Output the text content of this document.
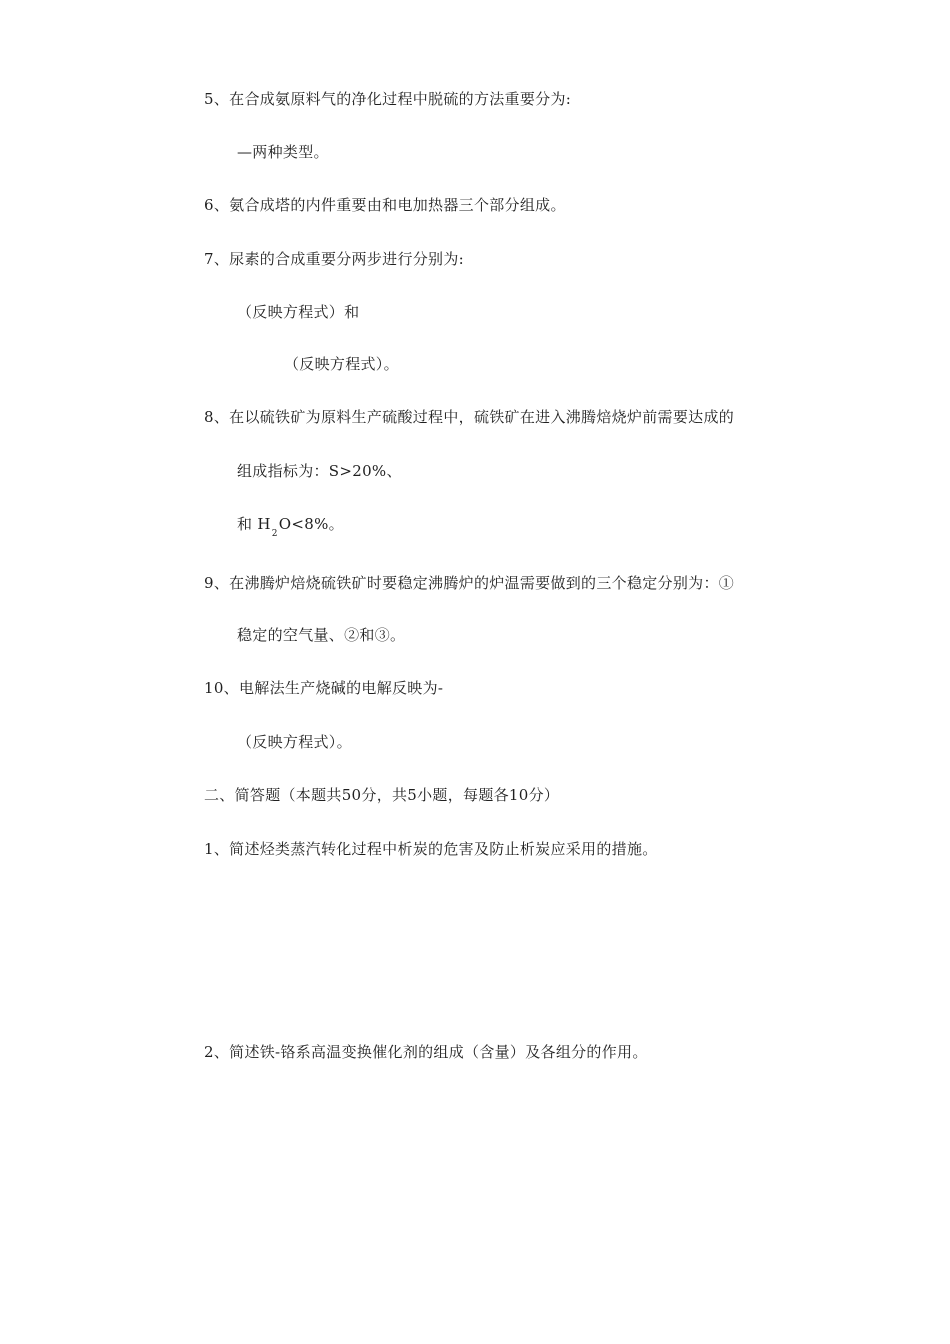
5、在合成氨原料气的净化过程中脱硫的方法重要分为:
—两种类型。
6、氨合成塔的内件重要由和电加热器三个部分组成。
7、尿素的合成重要分两步进行分别为:
（反映方程式）和
（反映方程式）。
8、在以硫铁矿为原料生产硫酸过程中，硫铁矿在进入沸腾焙烧炉前需要达成的
组成指标为：S>20%、
和 $H_2O<8\%$。
9、在沸腾炉焙烧硫铁矿时要稳定沸腾炉的炉温需要做到的三个稳定分别为：①
稳定的空气量、②和③。
10、电解法生产烧碱的电解反映为-
（反映方程式）。
二、简答题（本题共50分，共5小题，每题各10分）
1、简述烃类蒸汽转化过程中析炭的危害及防止析炭应采用的措施。
2、简述铁-铬系高温变换催化剂的组成（含量）及各组分的作用。
